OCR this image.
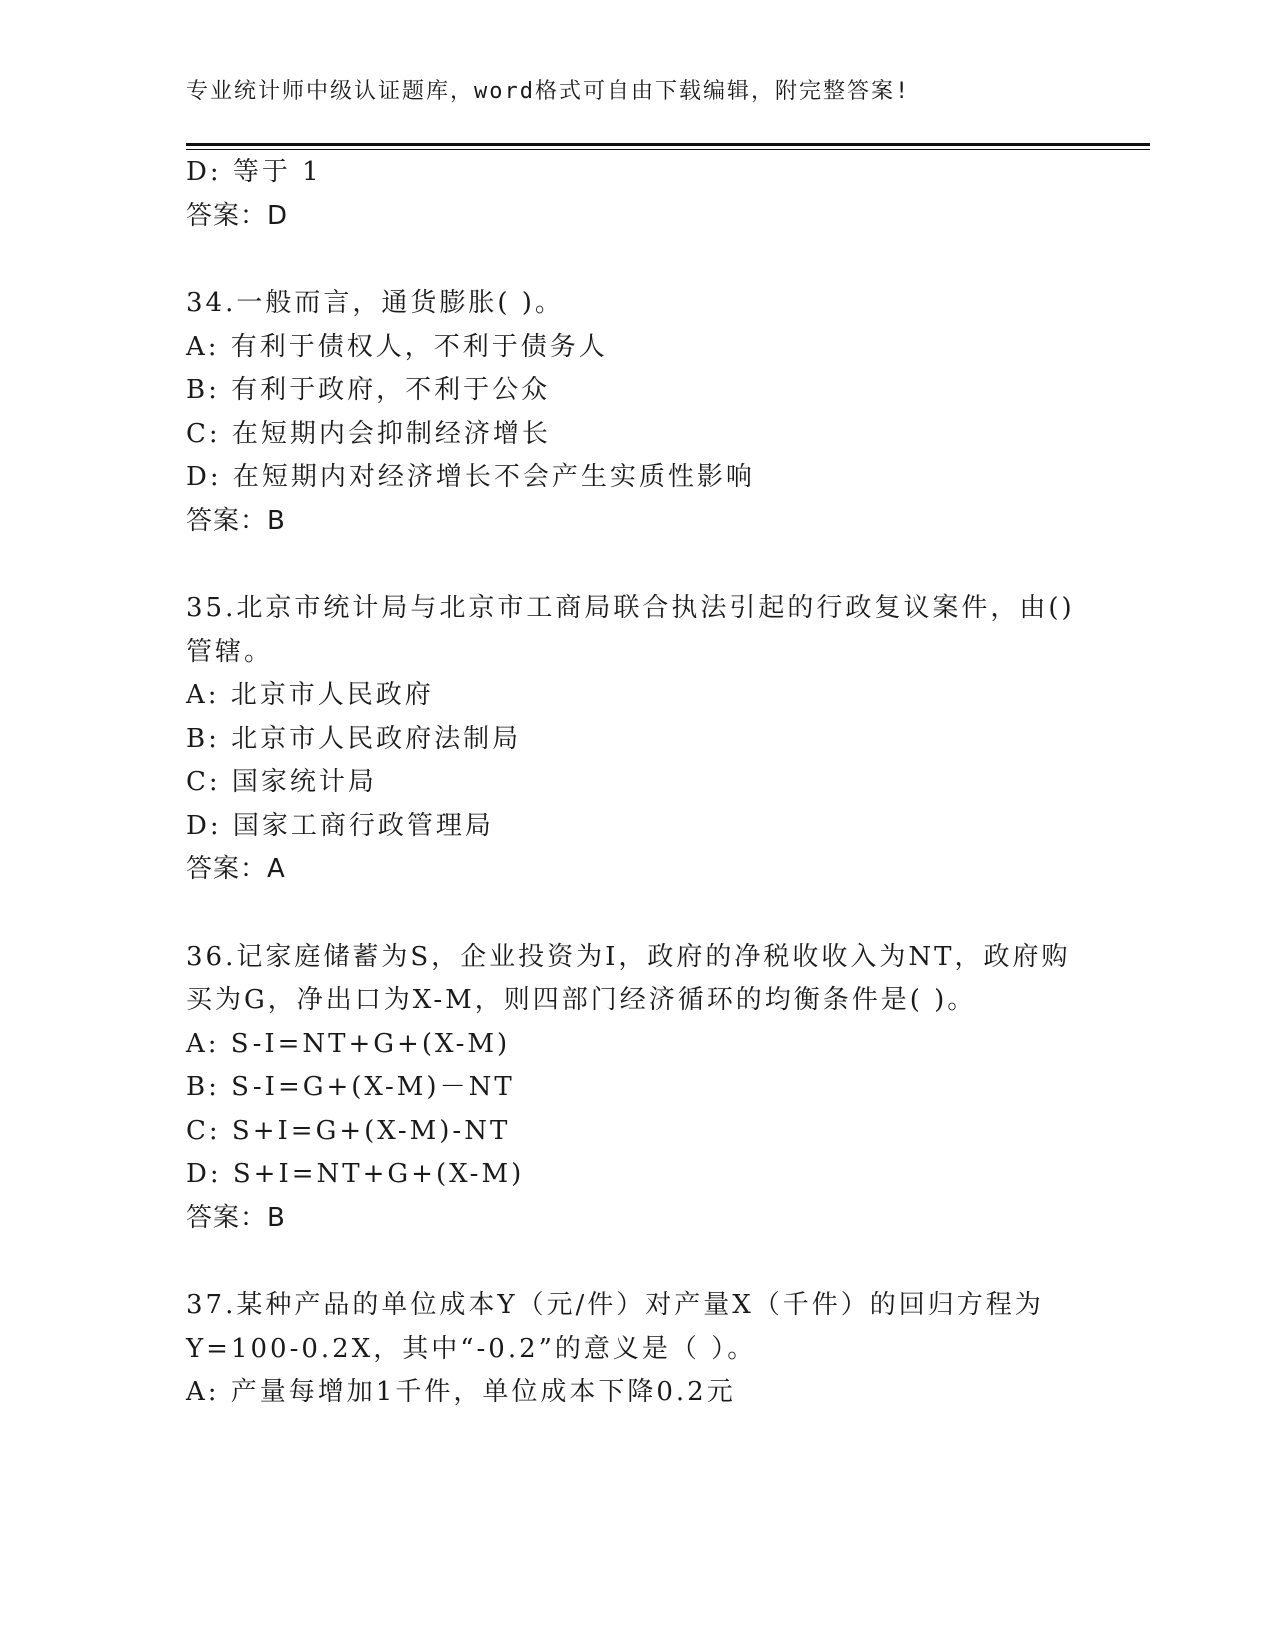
专业统计师中级认证题库，word格式可自由下载编辑，附完整答案!
D: 等于 1
答案：D
34.一般而言，通货膨胀( )。
A: 有利于债权人，不利于债务人
B: 有利于政府，不利于公众
C: 在短期内会抑制经济增长
D: 在短期内对经济增长不会产生实质性影响
答案：B
35.北京市统计局与北京市工商局联合执法引起的行政复议案件，由()
管辖。
A: 北京市人民政府
B: 北京市人民政府法制局
C: 国家统计局
D: 国家工商行政管理局
答案：A
36.记家庭储蓄为S，企业投资为I，政府的净税收收入为NT，政府购
买为G，净出口为X-M，则四部门经济循环的均衡条件是( )。
A: S-I=NT+G+(X-M)
B: S-I=G+(X-M)－NT
C: S+I=G+(X-M)-NT
D: S+I=NT+G+(X-M)
答案：B
37.某种产品的单位成本Y（元/件）对产量X（千件）的回归方程为
Y=100-0.2X，其中“-0.2”的意义是（ ）。
A: 产量每增加1千件，单位成本下降0.2元
